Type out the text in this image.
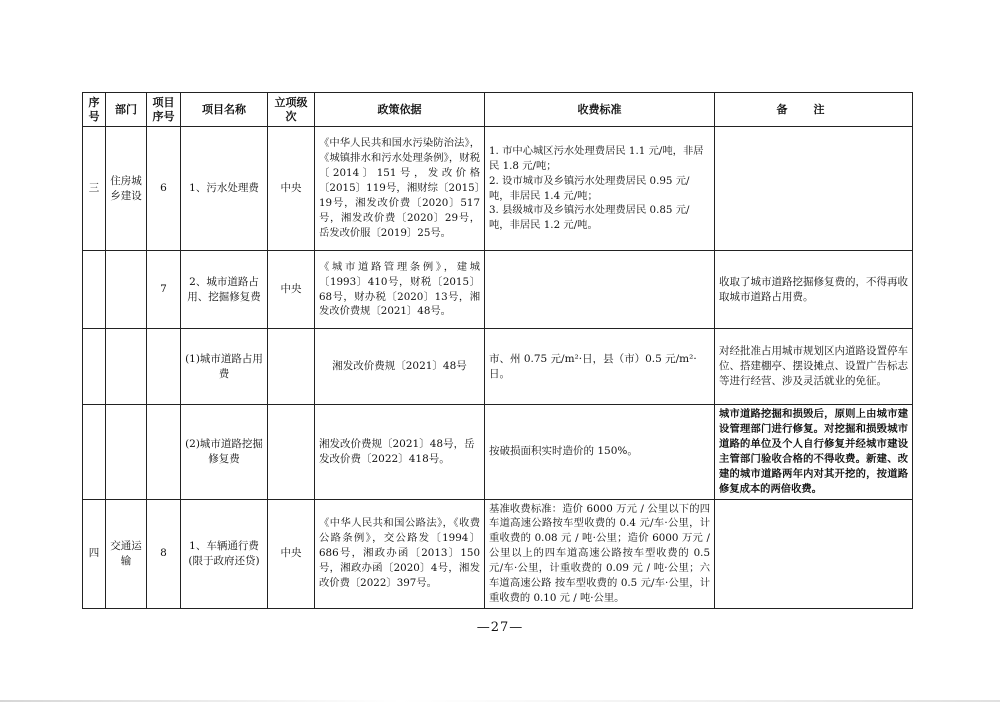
序号	部门	项目序号	项目名称	立项级次	政策依据	收费标准	备注
三	住房城乡建设	6	1、污水处理费	中央	《中华人民共和国水污染防治法》，《城镇排水和污水处理条例》，财税〔2014〕151号，发改价格〔2015〕119号，湘财综〔2015〕19号，湘发改价费〔2020〕517号，湘发改价费〔2020〕29号，岳发改价服〔2019〕25号。	1. 市中心城区污水处理费居民 1.1 元/吨，非居民 1.8 元/吨；
2. 设市城市及乡镇污水处理费居民 0.95 元/吨，非居民 1.4 元/吨；
3. 县级城市及乡镇污水处理费居民 0.85 元/吨，非居民 1.2 元/吨。	

		7	2、城市道路占用、挖掘修复费	中央	《城市道路管理条例》，建城〔1993〕410号，财税〔2015〕68号，财办税〔2020〕13号，湘发改价费规〔2021〕48号。		收取了城市道路挖掘修复费的，不得再收取城市道路占用费。
			(1)城市道路占用费		湘发改价费规〔2021〕48号	市、州 0.75 元/m²·日，县（市）0.5 元/m²·日。	对经批准占用城市规划区内道路设置停车位、搭建棚亭、摆设摊点、设置广告标志等进行经营、涉及灵活就业的免征。
			(2)城市道路挖掘修复费		湘发改价费规〔2021〕48号，岳发改价费〔2022〕418号。	按破损面积实时造价的 150%。	城市道路挖掘和损毁后，原则上由城市建设管理部门进行修复。对挖掘和损毁城市道路的单位及个人自行修复并经城市建设主管部门验收合格的不得收费。新建、改建的城市道路两年内对其开挖的，按道路修复成本的两倍收费。
四	交通运输	8	1、车辆通行费(限于政府还贷)	中央	《中华人民共和国公路法》，《收费公路条例》，交公路发〔1994〕686号，湘政办函〔2013〕150号，湘政办函〔2020〕4号，湘发改价费〔2022〕397号。	基准收费标准：造价 6000 万元 / 公里以下的四车道高速公路按车型收费的 0.4 元/车·公里，计重收费的 0.08 元 / 吨·公里；造价 6000 万元 / 公里以上的四车道高速公路按车型收费的 0.5 元/车·公里，计重收费的 0.09 元 / 吨·公里；六车道高速公路 按车型收费的 0.5 元/车·公里，计重收费的 0.10 元 / 吨·公里。	
—27—
